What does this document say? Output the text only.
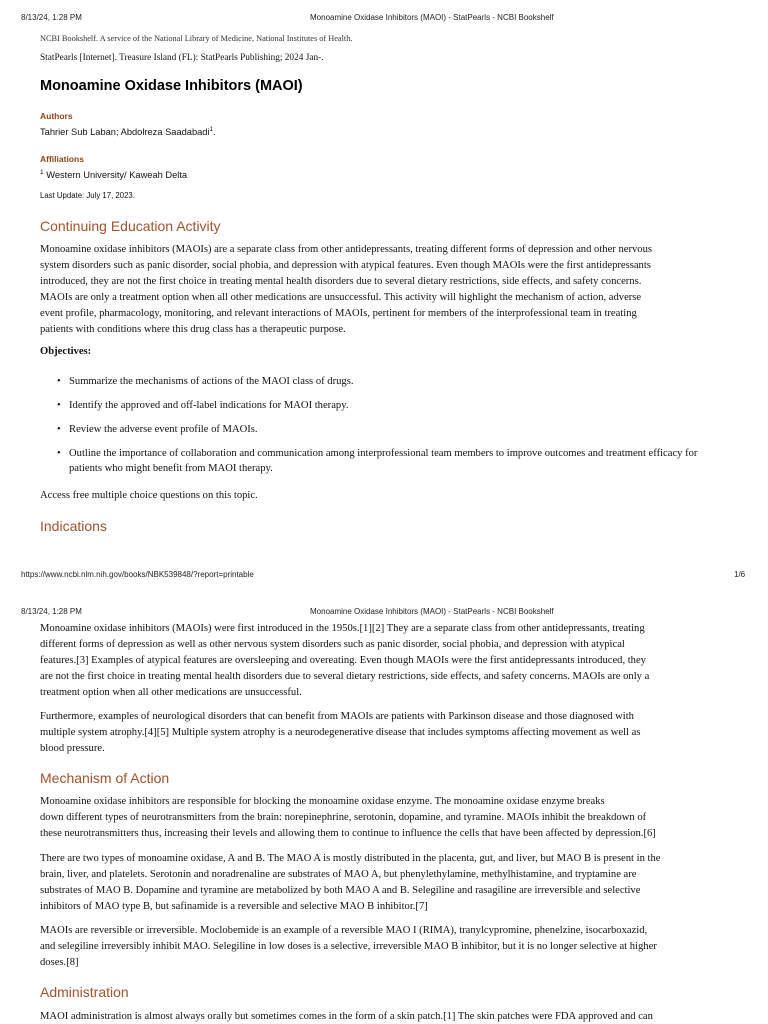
8/13/24, 1:28 PM	Monoamine Oxidase Inhibitors (MAOI) - StatPearls - NCBI Bookshelf
NCBI Bookshelf. A service of the National Library of Medicine, National Institutes of Health.
StatPearls [Internet]. Treasure Island (FL): StatPearls Publishing; 2024 Jan-.
Monoamine Oxidase Inhibitors (MAOI)
Authors
Tahrier Sub Laban; Abdolreza Saadabadi$^1$.
Affiliations
$^1$ Western University/ Kaweah Delta
Last Update: July 17, 2023.
Continuing Education Activity
Monoamine oxidase inhibitors (MAOIs) are a separate class from other antidepressants, treating different forms of depression and other nervous
system disorders such as panic disorder, social phobia, and depression with atypical features. Even though MAOIs were the first antidepressants
introduced, they are not the first choice in treating mental health disorders due to several dietary restrictions, side effects, and safety concerns.
MAOIs are only a treatment option when all other medications are unsuccessful. This activity will highlight the mechanism of action, adverse
event profile, pharmacology, monitoring, and relevant interactions of MAOIs, pertinent for members of the interprofessional team in treating
patients with conditions where this drug class has a therapeutic purpose.
Objectives:
• Summarize the mechanisms of actions of the MAOI class of drugs.
• Identify the approved and off-label indications for MAOI therapy.
• Review the adverse event profile of MAOIs.
• Outline the importance of collaboration and communication among interprofessional team members to improve outcomes and treatment efficacy for patients who might benefit from MAOI therapy.
Access free multiple choice questions on this topic.
Indications
https://www.ncbi.nlm.nih.gov/books/NBK539848/?report=printable	1/6
8/13/24, 1:28 PM	Monoamine Oxidase Inhibitors (MAOI) - StatPearls - NCBI Bookshelf
Monoamine oxidase inhibitors (MAOIs) were first introduced in the 1950s.[1][2] They are a separate class from other antidepressants, treating
different forms of depression as well as other nervous system disorders such as panic disorder, social phobia, and depression with atypical
features.[3] Examples of atypical features are oversleeping and overeating. Even though MAOIs were the first antidepressants introduced, they
are not the first choice in treating mental health disorders due to several dietary restrictions, side effects, and safety concerns. MAOIs are only a
treatment option when all other medications are unsuccessful.
Furthermore, examples of neurological disorders that can benefit from MAOIs are patients with Parkinson disease and those diagnosed with
multiple system atrophy.[4][5] Multiple system atrophy is a neurodegenerative disease that includes symptoms affecting movement as well as
blood pressure.
Mechanism of Action
Monoamine oxidase inhibitors are responsible for blocking the monoamine oxidase enzyme. The monoamine oxidase enzyme breaks
down different types of neurotransmitters from the brain: norepinephrine, serotonin, dopamine, and tyramine. MAOIs inhibit the breakdown of
these neurotransmitters thus, increasing their levels and allowing them to continue to influence the cells that have been affected by depression.[6]
There are two types of monoamine oxidase, A and B. The MAO A is mostly distributed in the placenta, gut, and liver, but MAO B is present in the
brain, liver, and platelets. Serotonin and noradrenaline are substrates of MAO A, but phenylethylamine, methylhistamine, and tryptamine are
substrates of MAO B. Dopamine and tyramine are metabolized by both MAO A and B. Selegiline and rasagiline are irreversible and selective
inhibitors of MAO type B, but safinamide is a reversible and selective MAO B inhibitor.[7]
MAOIs are reversible or irreversible. Moclobemide is an example of a reversible MAO I (RIMA), tranylcypromine, phenelzine, isocarboxazid,
and selegiline irreversibly inhibit MAO. Selegiline in low doses is a selective, irreversible MAO B inhibitor, but it is no longer selective at higher
doses.[8]
Administration
MAOI administration is almost always orally but sometimes comes in the form of a skin patch.[1] The skin patches were FDA approved and can
